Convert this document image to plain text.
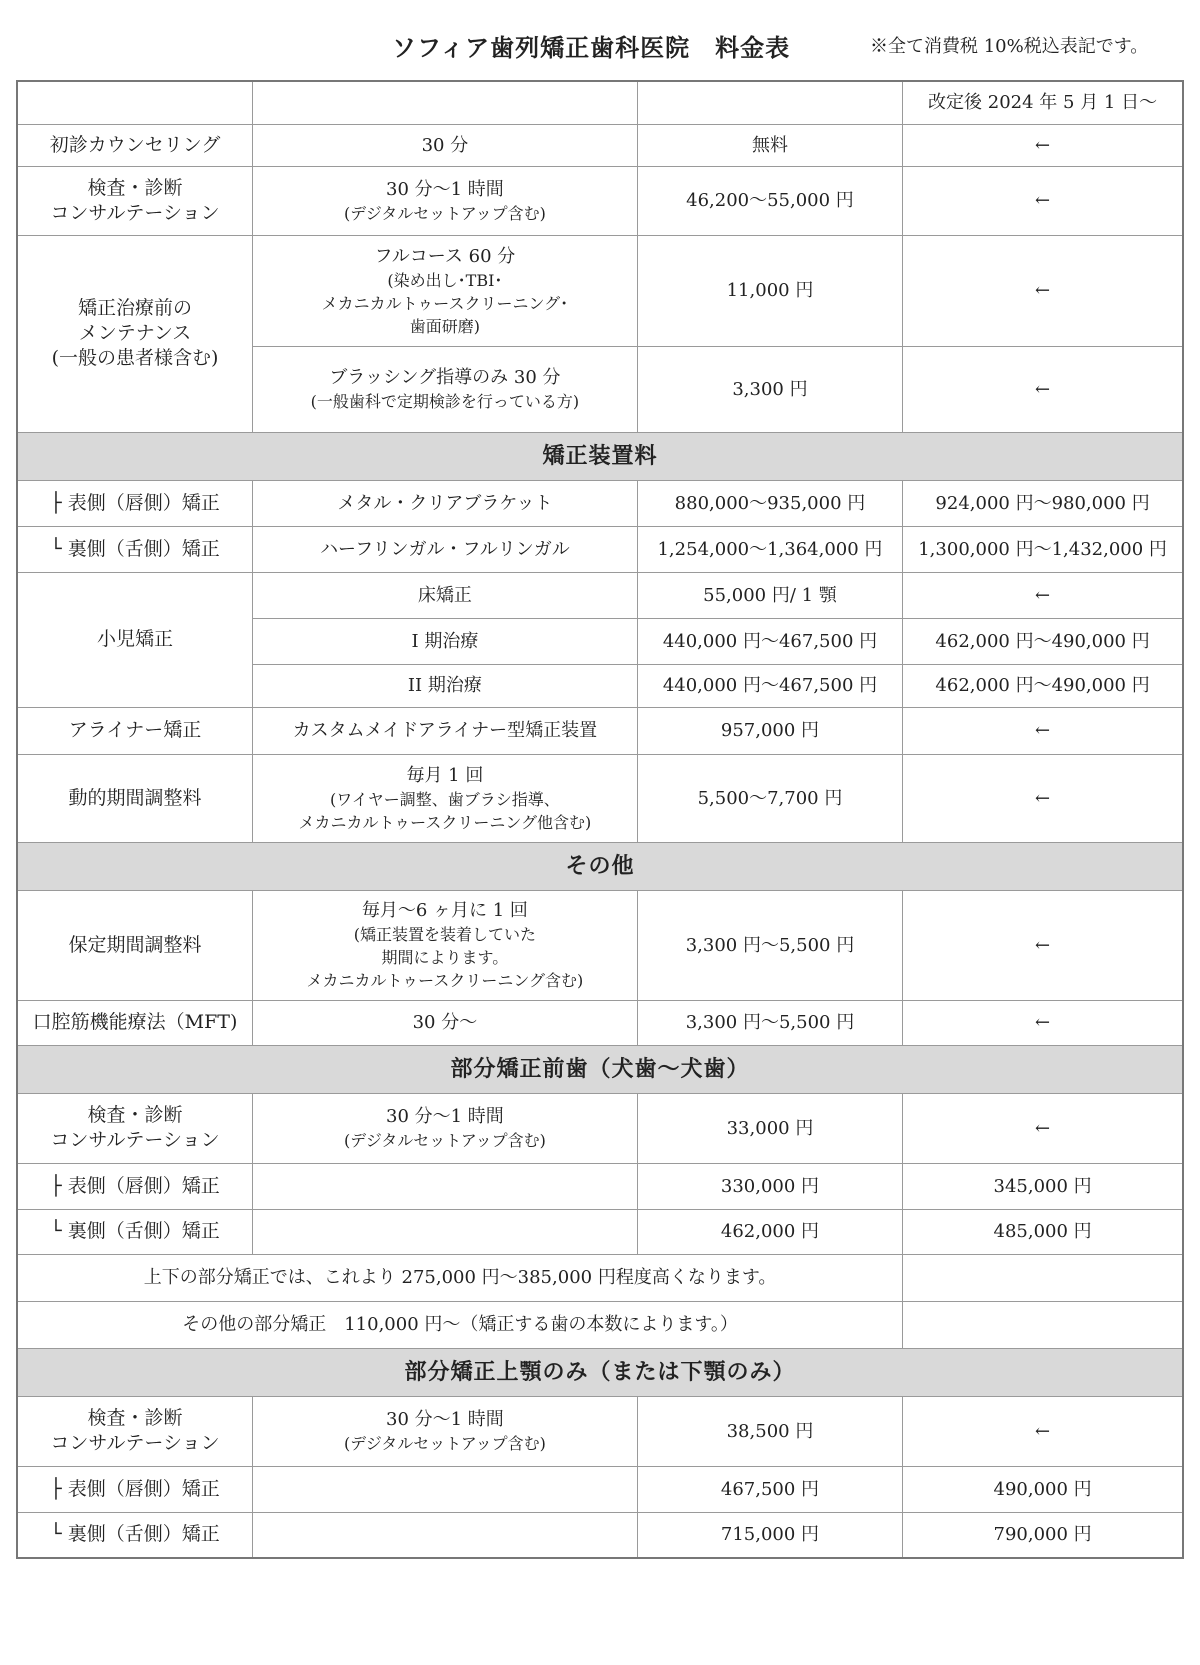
ソフィア歯列矯正歯科医院　料金表	※全て消費税 10%税込表記です。
			改定後 2024 年 5 月 1 日～
初診カウンセリング	30 分	無料	←

検査・診断
コンサルテーション	30 分～1 時間
(デジタルセットアップ含む)	46,200～55,000 円	←

矯正治療前の
メンテナンス
(一般の患者様含む)	フルコース 60 分
(染め出し･TBI･
メカニカルトゥースクリーニング･
歯面研磨)	11,000 円	←

	ブラッシング指導のみ 30 分
(一般歯科で定期検診を行っている方)	3,300 円	←
矯正装置料			
├ 表側（唇側）矯正	メタル・クリアブラケット	880,000～935,000 円	924,000 円～980,000 円
└ 裏側（舌側）矯正	ハーフリンガル・フルリンガル	1,254,000～1,364,000 円	1,300,000 円～1,432,000 円
小児矯正	床矯正	55,000 円/ 1 顎	←
	I 期治療	440,000 円～467,500 円	462,000 円～490,000 円
	II 期治療	440,000 円～467,500 円	462,000 円～490,000 円
アライナー矯正	カスタムメイドアライナー型矯正装置	957,000 円	←
動的期間調整料	毎月 1 回
(ワイヤー調整、歯ブラシ指導、
メカニカルトゥースクリーニング他含む)	5,500～7,700 円	←
その他			
保定期間調整料	毎月～6 ヶ月に 1 回
(矯正装置を装着していた
期間によります。
メカニカルトゥースクリーニング含む)	3,300 円～5,500 円	←
口腔筋機能療法（MFT)	30 分～	3,300 円～5,500 円	←
部分矯正前歯（犬歯～犬歯）			

検査・診断
コンサルテーション	30 分～1 時間
(デジタルセットアップ含む)	33,000 円	←
├ 表側（唇側）矯正		330,000 円	345,000 円
└ 裏側（舌側）矯正		462,000 円	485,000 円
上下の部分矯正では、これより 275,000 円～385,000 円程度高くなります。			
その他の部分矯正　110,000 円～（矯正する歯の本数によります。）			
部分矯正上顎のみ（または下顎のみ）			

検査・診断
コンサルテーション	30 分～1 時間
(デジタルセットアップ含む)	38,500 円	←
├ 表側（唇側）矯正		467,500 円	490,000 円
└ 裏側（舌側）矯正		715,000 円	790,000 円
